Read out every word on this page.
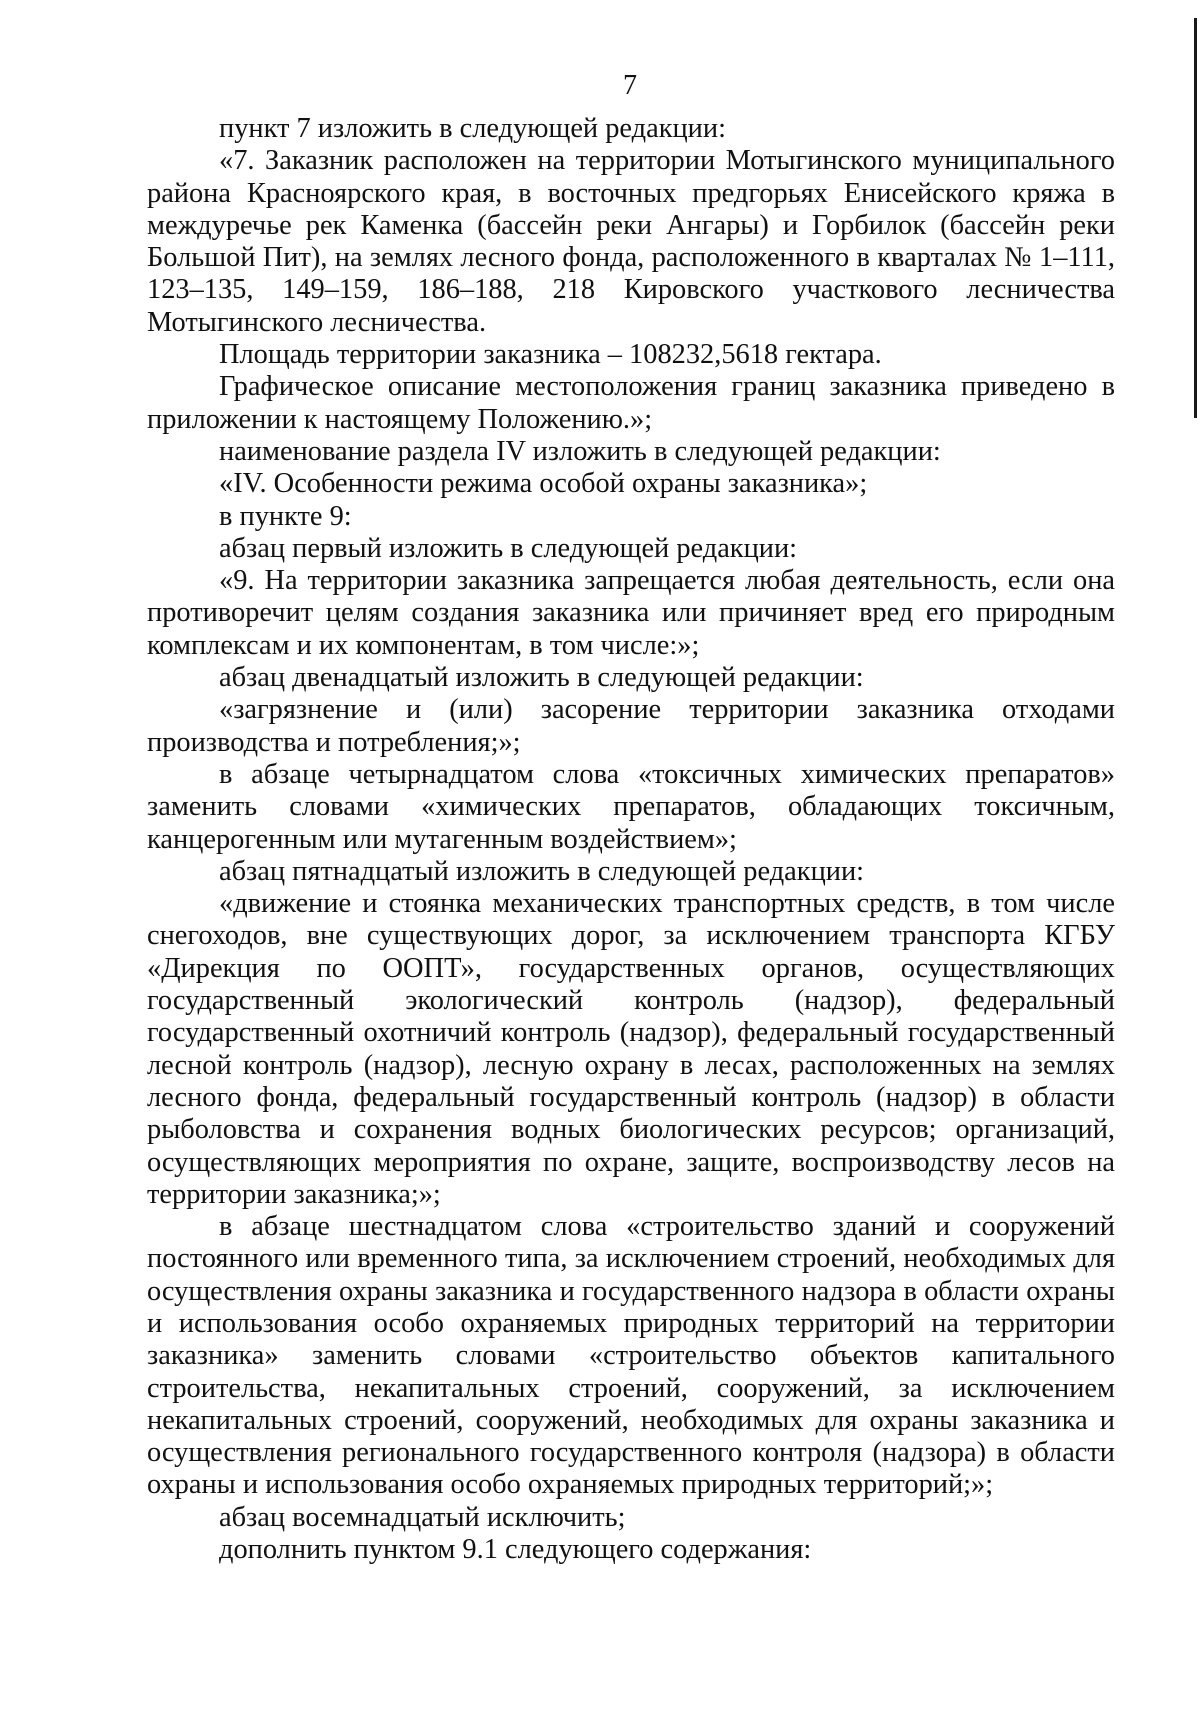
7

пункт 7 изложить в следующей редакции:

«7. Заказник расположен на территории Мотыгинского муниципального района Красноярского края, в восточных предгорьях Енисейского кряжа в междуречье рек Каменка (бассейн реки Ангары) и Горбилок (бассейн реки Большой Пит), на землях лесного фонда, расположенного в кварталах № 1–111, 123–135, 149–159, 186–188, 218 Кировского участкового лесничества Мотыгинского лесничества.

Площадь территории заказника – 108232,5618 гектара.

Графическое описание местоположения границ заказника приведено в приложении к настоящему Положению.»;

наименование раздела IV изложить в следующей редакции:

«IV. Особенности режима особой охраны заказника»;

в пункте 9:

абзац первый изложить в следующей редакции:

«9. На территории заказника запрещается любая деятельность, если она противоречит целям создания заказника или причиняет вред его природным комплексам и их компонентам, в том числе:»;

абзац двенадцатый изложить в следующей редакции:

«загрязнение и (или) засорение территории заказника отходами производства и потребления;»;

в абзаце четырнадцатом слова «токсичных химических препаратов» заменить словами «химических препаратов, обладающих токсичным, канцерогенным или мутагенным воздействием»;

абзац пятнадцатый изложить в следующей редакции:

«движение и стоянка механических транспортных средств, в том числе снегоходов, вне существующих дорог, за исключением транспорта КГБУ «Дирекция по ООПТ», государственных органов, осуществляющих государственный экологический контроль (надзор), федеральный государственный охотничий контроль (надзор), федеральный государственный лесной контроль (надзор), лесную охрану в лесах, расположенных на землях лесного фонда, федеральный государственный контроль (надзор) в области рыболовства и сохранения водных биологических ресурсов; организаций, осуществляющих мероприятия по охране, защите, воспроизводству лесов на территории заказника;»;

в абзаце шестнадцатом слова «строительство зданий и сооружений постоянного или временного типа, за исключением строений, необходимых для осуществления охраны заказника и государственного надзора в области охраны и использования особо охраняемых природных территорий на территории заказника» заменить словами «строительство объектов капитального строительства, некапитальных строений, сооружений, за исключением некапитальных строений, сооружений, необходимых для охраны заказника и осуществления регионального государственного контроля (надзора) в области охраны и использования особо охраняемых природных территорий;»;

абзац восемнадцатый исключить;

дополнить пунктом 9.1 следующего содержания:
